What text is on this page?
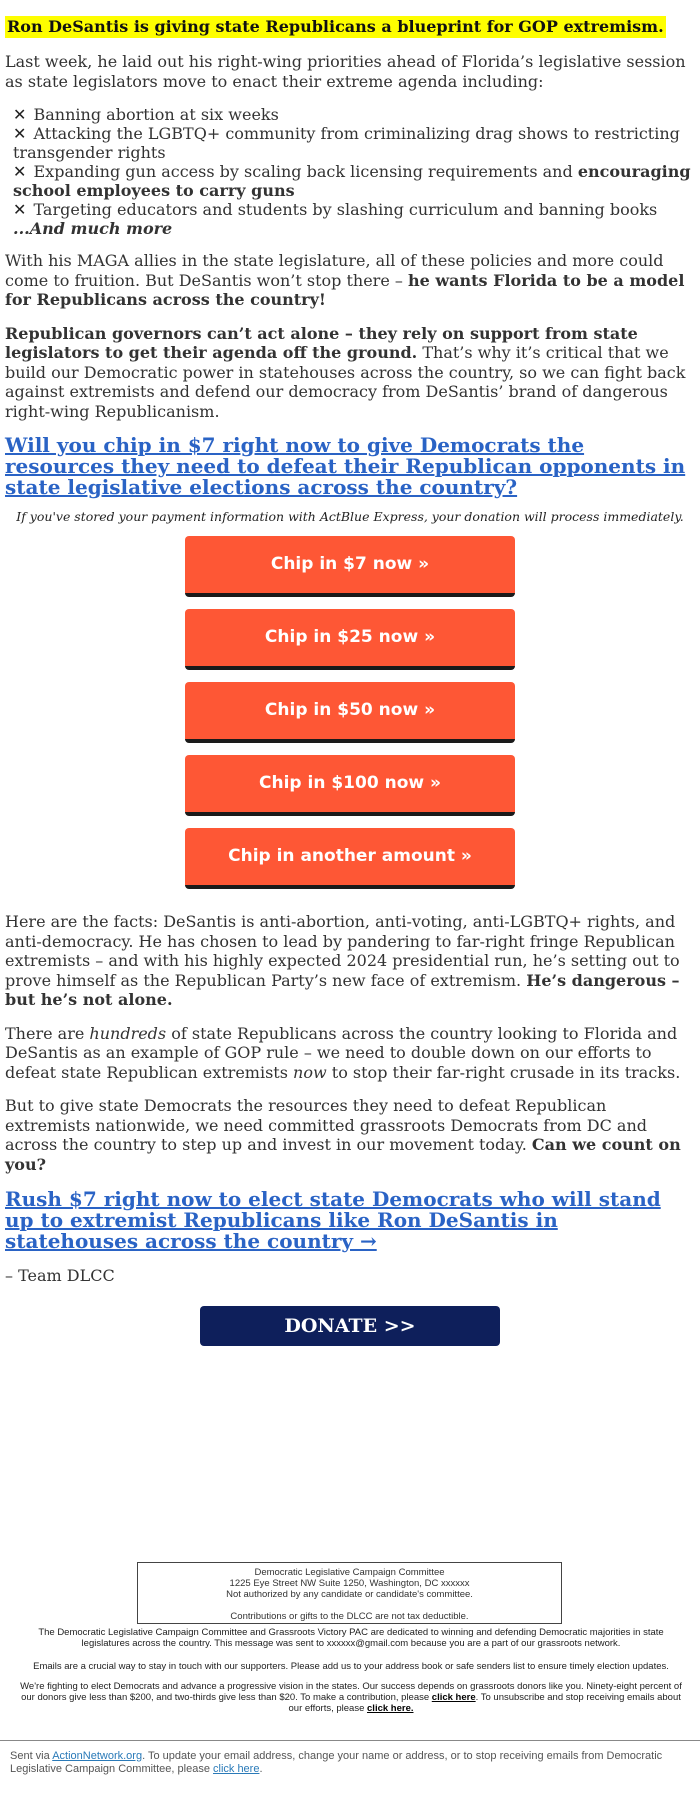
Ron DeSantis is giving state Republicans a blueprint for GOP extremism.

Last week, he laid out his right-wing priorities ahead of Florida’s legislative session as state legislators move to enact their extreme agenda including:

✕ Banning abortion at six weeks
✕ Attacking the LGBTQ+ community from criminalizing drag shows to restricting transgender rights
✕ Expanding gun access by scaling back licensing requirements and encouraging school employees to carry guns
✕ Targeting educators and students by slashing curriculum and banning books
...And much more

With his MAGA allies in the state legislature, all of these policies and more could come to fruition. But DeSantis won’t stop there – he wants Florida to be a model for Republicans across the country!

Republican governors can’t act alone – they rely on support from state legislators to get their agenda off the ground. That’s why it’s critical that we build our Democratic power in statehouses across the country, so we can fight back against extremists and defend our democracy from DeSantis’ brand of dangerous right-wing Republicanism.

Will you chip in $7 right now to give Democrats the resources they need to defeat their Republican opponents in state legislative elections across the country?
If you've stored your payment information with ActBlue Express, your donation will process immediately.
Chip in $7 now »
Chip in $25 now »
Chip in $50 now »
Chip in $100 now »
Chip in another amount »

Here are the facts: DeSantis is anti-abortion, anti-voting, anti-LGBTQ+ rights, and anti-democracy. He has chosen to lead by pandering to far-right fringe Republican extremists – and with his highly expected 2024 presidential run, he’s setting out to prove himself as the Republican Party’s new face of extremism. He’s dangerous – but he’s not alone.

There are hundreds of state Republicans across the country looking to Florida and DeSantis as an example of GOP rule – we need to double down on our efforts to defeat state Republican extremists now to stop their far-right crusade in its tracks.

But to give state Democrats the resources they need to defeat Republican extremists nationwide, we need committed grassroots Democrats from DC and across the country to step up and invest in our movement today. Can we count on you?

Rush $7 right now to elect state Democrats who will stand up to extremist Republicans like Ron DeSantis in statehouses across the country →

– Team DLCC

DONATE >>
Democratic Legislative Campaign Committee
1225 Eye Street NW Suite 1250, Washington, DC xxxxxx
Not authorized by any candidate or candidate's committee.
Contributions or gifts to the DLCC are not tax deductible.
The Democratic Legislative Campaign Committee and Grassroots Victory PAC are dedicated to winning and defending Democratic majorities in state legislatures across the country. This message was sent to xxxxxx@gmail.com because you are a part of our grassroots network.
Emails are a crucial way to stay in touch with our supporters. Please add us to your address book or safe senders list to ensure timely election updates.
We're fighting to elect Democrats and advance a progressive vision in the states. Our success depends on grassroots donors like you. Ninety-eight percent of our donors give less than $200, and two-thirds give less than $20. To make a contribution, please click here. To unsubscribe and stop receiving emails about our efforts, please click here.
Sent via ActionNetwork.org. To update your email address, change your name or address, or to stop receiving emails from Democratic Legislative Campaign Committee, please click here.
